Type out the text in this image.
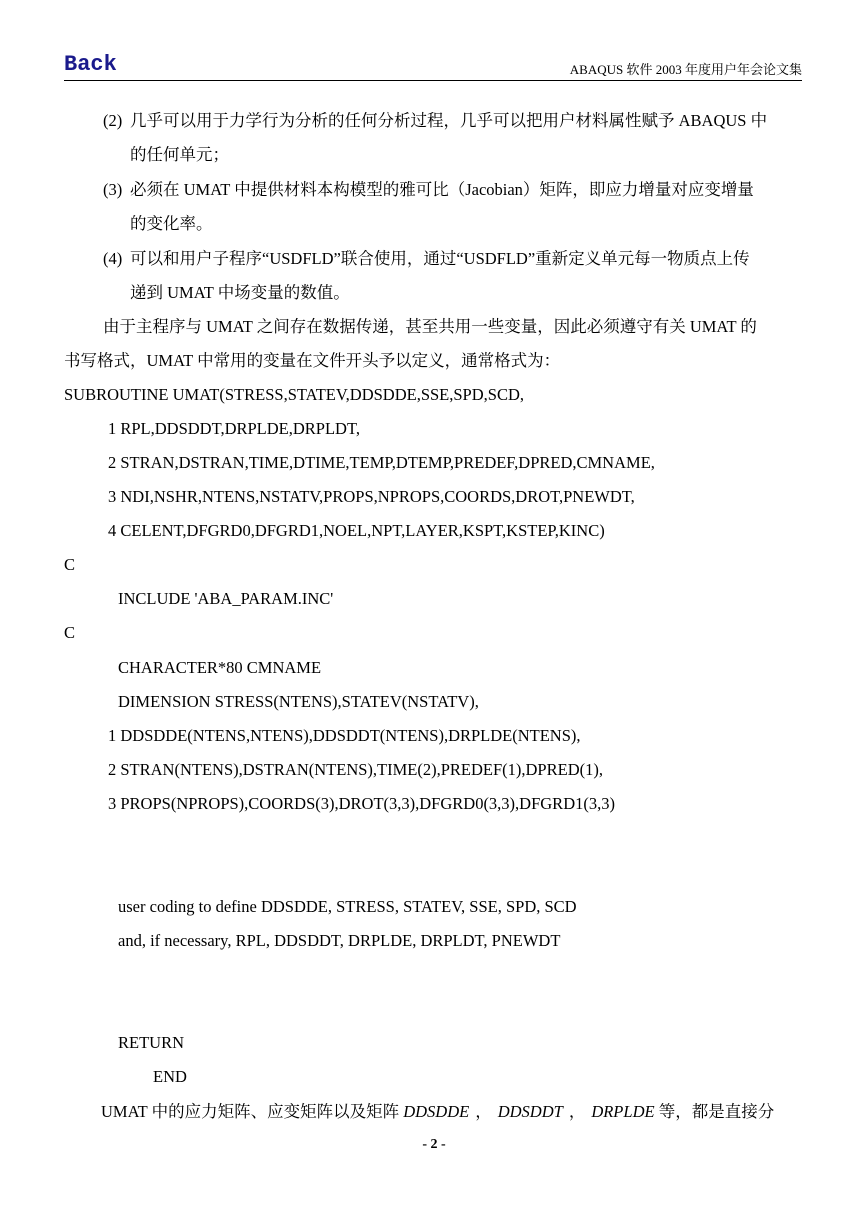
Back	ABAQUS 软件 2003 年度用户年会论文集
(2) 几乎可以用于力学行为分析的任何分析过程，几乎可以把用户材料属性赋予 ABAQUS 中
的任何单元；
(3) 必须在 UMAT 中提供材料本构模型的雅可比（Jacobian）矩阵，即应力增量对应变增量
的变化率。
(4) 可以和用户子程序“USDFLD”联合使用，通过“USDFLD”重新定义单元每一物质点上传
递到 UMAT 中场变量的数值。
由于主程序与 UMAT 之间存在数据传递，甚至共用一些变量，因此必须遵守有关 UMAT 的
书写格式，UMAT 中常用的变量在文件开头予以定义，通常格式为：
SUBROUTINE UMAT(STRESS,STATEV,DDSDDE,SSE,SPD,SCD,
1 RPL,DDSDDT,DRPLDE,DRPLDT,
2 STRAN,DSTRAN,TIME,DTIME,TEMP,DTEMP,PREDEF,DPRED,CMNAME,
3 NDI,NSHR,NTENS,NSTATV,PROPS,NPROPS,COORDS,DROT,PNEWDT,
4 CELENT,DFGRD0,DFGRD1,NOEL,NPT,LAYER,KSPT,KSTEP,KINC)
C
INCLUDE 'ABA_PARAM.INC'
C
CHARACTER*80 CMNAME
DIMENSION STRESS(NTENS),STATEV(NSTATV),
1 DDSDDE(NTENS,NTENS),DDSDDT(NTENS),DRPLDE(NTENS),
2 STRAN(NTENS),DSTRAN(NTENS),TIME(2),PREDEF(1),DPRED(1),
3 PROPS(NPROPS),COORDS(3),DROT(3,3),DFGRD0(3,3),DFGRD1(3,3)
user coding to define DDSDDE, STRESS, STATEV, SSE, SPD, SCD
and, if necessary, RPL, DDSDDT, DRPLDE, DRPLDT, PNEWDT
RETURN
END
UMAT 中的应力矩阵、应变矩阵以及矩阵 DDSDDE ， DDSDDT ， DRPLDE 等，都是直接分
- 2 -
